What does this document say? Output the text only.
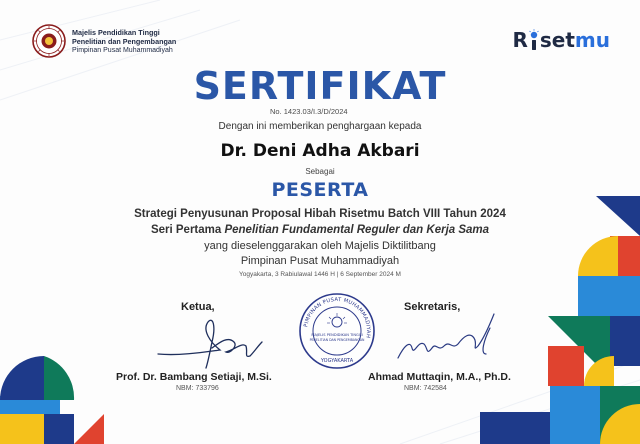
Majelis Pendidikan Tinggi
Penelitian dan Pengembangan
Pimpinan Pusat Muhammadiyah	R set mu
SERTIFIKAT
No. 1423.03/I.3/D/2024
Dengan ini memberikan penghargaan kepada
Dr. Deni Adha Akbari
Sebagai
PESERTA
Strategi Penyusunan Proposal Hibah Risetmu Batch VIII Tahun 2024
Seri Pertama Penelitian Fundamental Reguler dan Kerja Sama
yang dieselenggarakan oleh Majelis Diktilitbang
Pimpinan Pusat Muhammadiyah
Yogyakarta, 3 Rabiulawal 1446 H | 6 September 2024 M
Ketua,
Prof. Dr. Bambang Setiaji, M.Si.
NBM: 733796
PIMPINAN PUSAT MUHAMMADIYAH
MAJELIS PENDIDIKAN TINGGI
PENELITIAN DAN PENGEMBANGAN
YOGYAKARTA
Sekretaris,
Ahmad Muttaqin, M.A., Ph.D.
NBM: 742584
